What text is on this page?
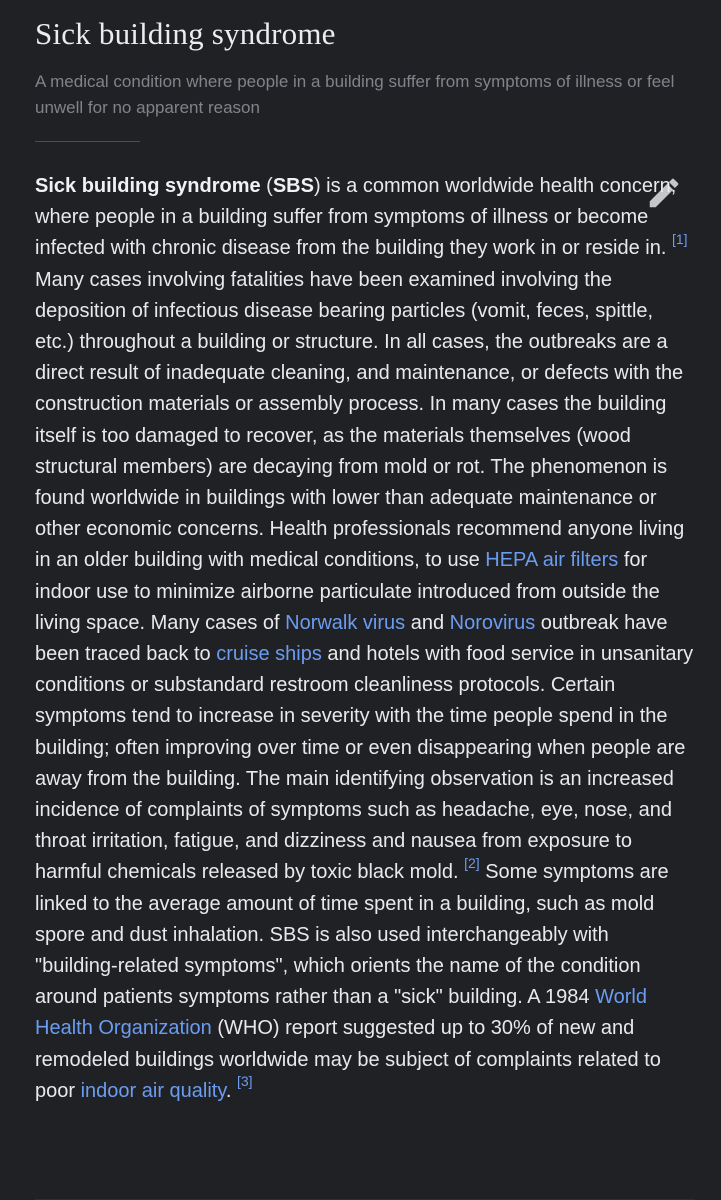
Sick building syndrome

A medical condition where people in a building suffer from symptoms of illness or feel unwell for no apparent reason

Sick building syndrome (SBS) is a common worldwide health concern, where people in a building suffer from symptoms of illness or become infected with chronic disease from the building they work in or reside in. [1] Many cases involving fatalities have been examined involving the deposition of infectious disease bearing particles (vomit, feces, spittle, etc.) throughout a building or structure. In all cases, the outbreaks are a direct result of inadequate cleaning, and maintenance, or defects with the construction materials or assembly process. In many cases the building itself is too damaged to recover, as the materials themselves (wood structural members) are decaying from mold or rot. The phenomenon is found worldwide in buildings with lower than adequate maintenance or other economic concerns. Health professionals recommend anyone living in an older building with medical conditions, to use HEPA air filters for indoor use to minimize airborne particulate introduced from outside the living space. Many cases of Norwalk virus and Norovirus outbreak have been traced back to cruise ships and hotels with food service in unsanitary conditions or substandard restroom cleanliness protocols. Certain symptoms tend to increase in severity with the time people spend in the building; often improving over time or even disappearing when people are away from the building. The main identifying observation is an increased incidence of complaints of symptoms such as headache, eye, nose, and throat irritation, fatigue, and dizziness and nausea from exposure to harmful chemicals released by toxic black mold. [2] Some symptoms are linked to the average amount of time spent in a building, such as mold spore and dust inhalation. SBS is also used interchangeably with "building-related symptoms", which orients the name of the condition around patients symptoms rather than a "sick" building. A 1984 World Health Organization (WHO) report suggested up to 30% of new and remodeled buildings worldwide may be subject of complaints related to poor indoor air quality. [3]
